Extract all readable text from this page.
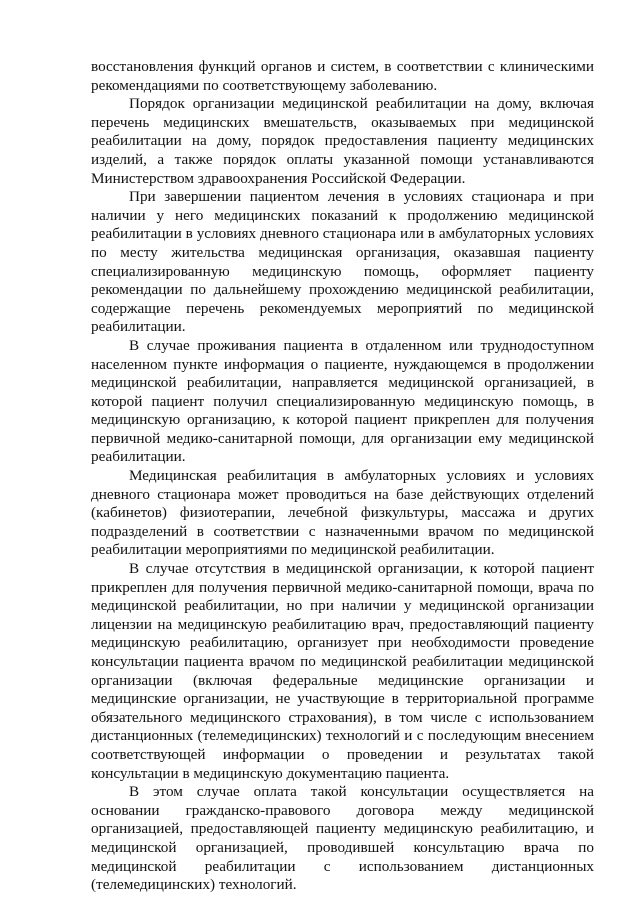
восстановления функций органов и систем, в соответствии с клиническими рекомендациями по соответствующему заболеванию.

Порядок организации медицинской реабилитации на дому, включая перечень медицинских вмешательств, оказываемых при медицинской реабилитации на дому, порядок предоставления пациенту медицинских изделий, а также порядок оплаты указанной помощи устанавливаются Министерством здравоохранения Российской Федерации.

При завершении пациентом лечения в условиях стационара и при наличии у него медицинских показаний к продолжению медицинской реабилитации в условиях дневного стационара или в амбулаторных условиях по месту жительства медицинская организация, оказавшая пациенту специализированную медицинскую помощь, оформляет пациенту рекомендации по дальнейшему прохождению медицинской реабилитации, содержащие перечень рекомендуемых мероприятий по медицинской реабилитации.

В случае проживания пациента в отдаленном или труднодоступном населенном пункте информация о пациенте, нуждающемся в продолжении медицинской реабилитации, направляется медицинской организацией, в которой пациент получил специализированную медицинскую помощь, в медицинскую организацию, к которой пациент прикреплен для получения первичной медико-санитарной помощи, для организации ему медицинской реабилитации.

Медицинская реабилитация в амбулаторных условиях и условиях дневного стационара может проводиться на базе действующих отделений (кабинетов) физиотерапии, лечебной физкультуры, массажа и других подразделений в соответствии с назначенными врачом по медицинской реабилитации мероприятиями по медицинской реабилитации.

В случае отсутствия в медицинской организации, к которой пациент прикреплен для получения первичной медико-санитарной помощи, врача по медицинской реабилитации, но при наличии у медицинской организации лицензии на медицинскую реабилитацию врач, предоставляющий пациенту медицинскую реабилитацию, организует при необходимости проведение консультации пациента врачом по медицинской реабилитации медицинской организации (включая федеральные медицинские организации и медицинские организации, не участвующие в территориальной программе обязательного медицинского страхования), в том числе с использованием дистанционных (телемедицинских) технологий и с последующим внесением соответствующей информации о проведении и результатах такой консультации в медицинскую документацию пациента.

В этом случае оплата такой консультации осуществляется на основании гражданско-правового договора между медицинской организацией, предоставляющей пациенту медицинскую реабилитацию, и медицинской организацией, проводившей консультацию врача по медицинской реабилитации с использованием дистанционных (телемедицинских) технологий.
